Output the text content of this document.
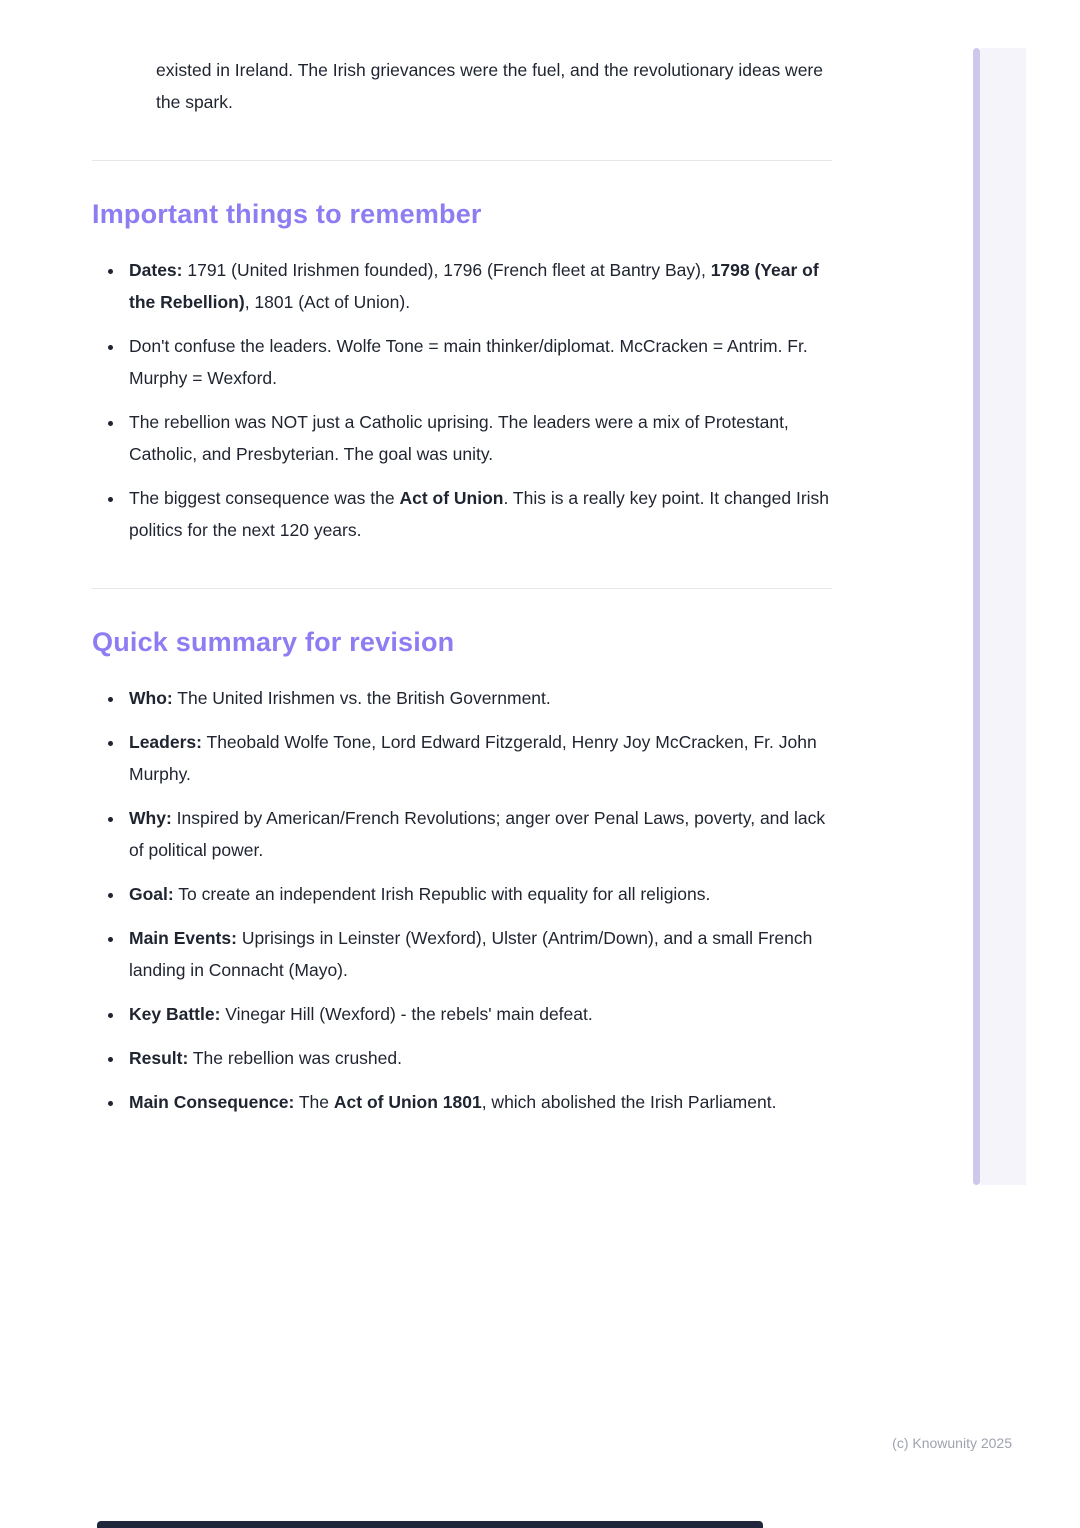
existed in Ireland. The Irish grievances were the fuel, and the revolutionary ideas were the spark.

Important things to remember
• Dates: 1791 (United Irishmen founded), 1796 (French fleet at Bantry Bay), 1798 (Year of the Rebellion), 1801 (Act of Union).
• Don't confuse the leaders. Wolfe Tone = main thinker/diplomat. McCracken = Antrim. Fr. Murphy = Wexford.
• The rebellion was NOT just a Catholic uprising. The leaders were a mix of Protestant, Catholic, and Presbyterian. The goal was unity.
• The biggest consequence was the Act of Union. This is a really key point. It changed Irish politics for the next 120 years.
Quick summary for revision
• Who: The United Irishmen vs. the British Government.
• Leaders: Theobald Wolfe Tone, Lord Edward Fitzgerald, Henry Joy McCracken, Fr. John Murphy.
• Why: Inspired by American/French Revolutions; anger over Penal Laws, poverty, and lack of political power.
• Goal: To create an independent Irish Republic with equality for all religions.
• Main Events: Uprisings in Leinster (Wexford), Ulster (Antrim/Down), and a small French landing in Connacht (Mayo).
• Key Battle: Vinegar Hill (Wexford) - the rebels' main defeat.
• Result: The rebellion was crushed.
• Main Consequence: The Act of Union 1801, which abolished the Irish Parliament.
(c) Knowunity 2025
